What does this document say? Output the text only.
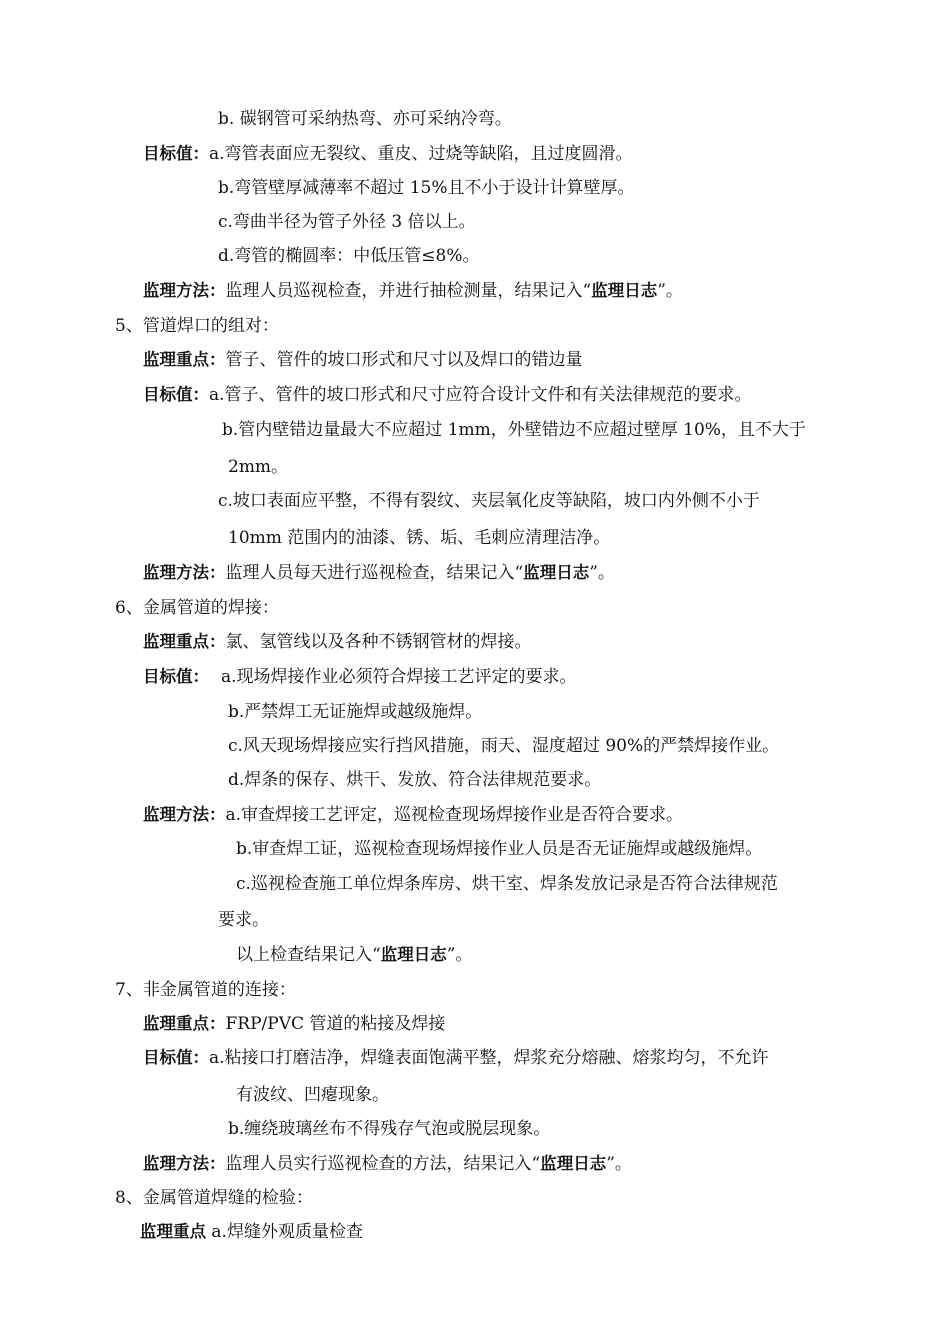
b. 碳钢管可采纳热弯、亦可采纳冷弯。
目标值：a.弯管表面应无裂纹、重皮、过烧等缺陷，且过度圆滑。
b.弯管壁厚减薄率不超过 15%且不小于设计计算壁厚。
c.弯曲半径为管子外径 3 倍以上。
d.弯管的椭圆率：中低压管≤8%。
监理方法：监理人员巡视检查，并进行抽检测量，结果记入“监理日志”。
5、管道焊口的组对：
监理重点：管子、管件的坡口形式和尺寸以及焊口的错边量
目标值：a.管子、管件的坡口形式和尺寸应符合设计文件和有关法律规范的要求。
b.管内壁错边量最大不应超过 1mm，外壁错边不应超过壁厚 10%，且不大于
2mm。
c.坡口表面应平整，不得有裂纹、夹层氧化皮等缺陷，坡口内外侧不小于
10mm 范围内的油漆、锈、垢、毛刺应清理洁净。
监理方法：监理人员每天进行巡视检查，结果记入“监理日志”。
6、金属管道的焊接：
监理重点：氯、氢管线以及各种不锈钢管材的焊接。
目标值： a.现场焊接作业必须符合焊接工艺评定的要求。
b.严禁焊工无证施焊或越级施焊。
c.风天现场焊接应实行挡风措施，雨天、湿度超过 90%的严禁焊接作业。
d.焊条的保存、烘干、发放、符合法律规范要求。
监理方法：a.审查焊接工艺评定，巡视检查现场焊接作业是否符合要求。
b.审查焊工证，巡视检查现场焊接作业人员是否无证施焊或越级施焊。
c.巡视检查施工单位焊条库房、烘干室、焊条发放记录是否符合法律规范
要求。
以上检查结果记入“监理日志”。
7、非金属管道的连接：
监理重点：FRP/PVC 管道的粘接及焊接
目标值：a.粘接口打磨洁净，焊缝表面饱满平整，焊浆充分熔融、熔浆均匀，不允许
有波纹、凹瘪现象。
b.缠绕玻璃丝布不得残存气泡或脱层现象。
监理方法：监理人员实行巡视检查的方法，结果记入“监理日志”。
8、金属管道焊缝的检验：
监理重点 a.焊缝外观质量检查
